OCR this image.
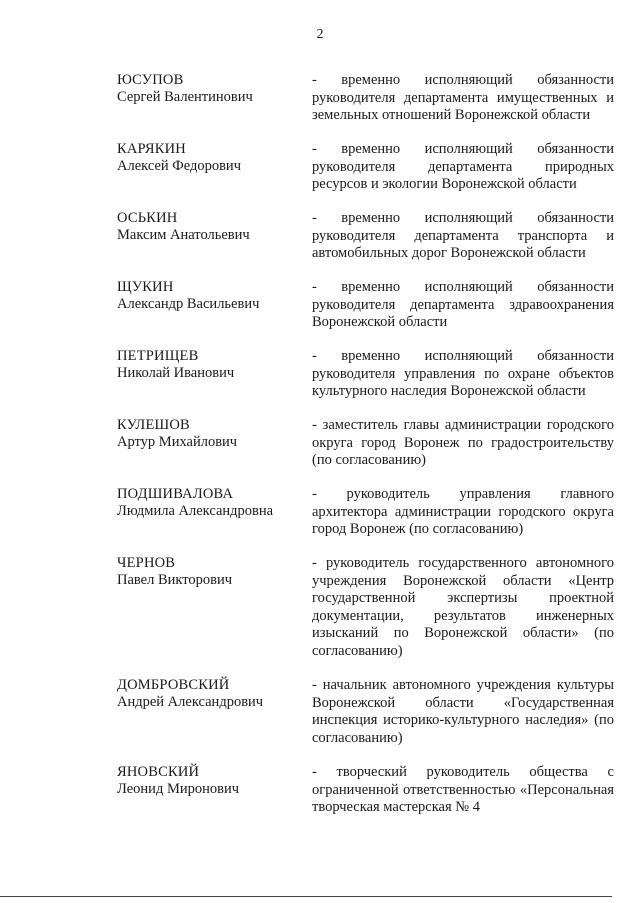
2
ЮСУПОВ
Сергей Валентинович
- временно исполняющий обязанности руководителя департамента имущественных и земельных отношений Воронежской области
КАРЯКИН
Алексей Федорович
- временно исполняющий обязанности руководителя департамента природных ресурсов и экологии Воронежской области
ОСЬКИН
Максим Анатольевич
- временно исполняющий обязанности руководителя департамента транспорта и автомобильных дорог Воронежской области
ЩУКИН
Александр Васильевич
- временно исполняющий обязанности руководителя департамента здравоохранения Воронежской области
ПЕТРИЩЕВ
Николай Иванович
- временно исполняющий обязанности руководителя управления по охране объектов культурного наследия Воронежской области
КУЛЕШОВ
Артур Михайлович
- заместитель главы администрации городского округа город Воронеж по градостроительству (по согласованию)
ПОДШИВАЛОВА
Людмила Александровна
- руководитель управления главного архитектора администрации городского округа город Воронеж (по согласованию)
ЧЕРНОВ
Павел Викторович
- руководитель государственного автономного учреждения Воронежской области «Центр государственной экспертизы проектной документации, результатов инженерных изысканий по Воронежской области» (по согласованию)
ДОМБРОВСКИЙ
Андрей Александрович
- начальник автономного учреждения культуры Воронежской области «Государственная инспекция историко-культурного наследия» (по согласованию)
ЯНОВСКИЙ
Леонид Миронович
- творческий руководитель общества с ограниченной ответственностью «Персональная творческая мастерская № 4
